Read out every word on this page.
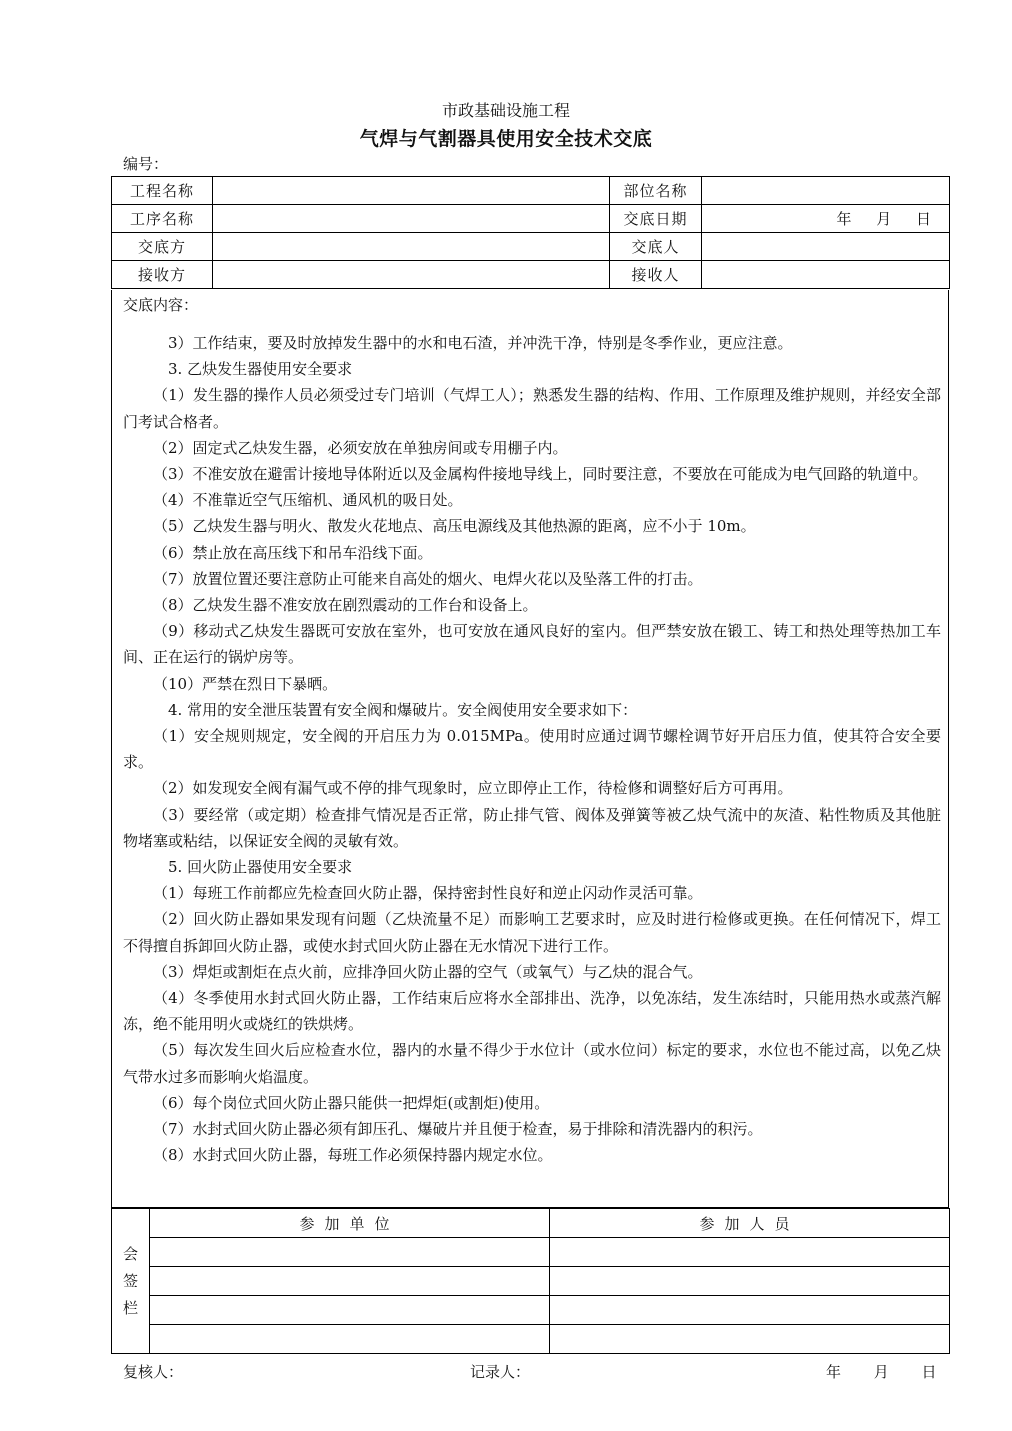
市政基础设施工程
气焊与气割器具使用安全技术交底
编号：
工程名称		部位名称	
工序名称		交底日期	年 月 日
交底方		交底人	
接收方		接收人	
交底内容：

3）工作结束，要及时放掉发生器中的水和电石渣，并冲洗干净，恃别是冬季作业，更应注意。

3. 乙炔发生器使用安全要求

（1）发生器的操作人员必须受过专门培训（气焊工人）；熟悉发生器的结构、作用、工作原理及维护规则，并经安全部门考试合格者。

（2）固定式乙炔发生器，必须安放在单独房间或专用棚子内。

（3）不准安放在避雷计接地导体附近以及金属构件接地导线上，同时要注意，不要放在可能成为电气回路的轨道中。

（4）不准靠近空气压缩机、通风机的吸日处。

（5）乙炔发生器与明火、散发火花地点、高压电源线及其他热源的距离，应不小于 10m。

（6）禁止放在高压线下和吊车沿线下面。

（7）放置位置还要注意防止可能来自高处的烟火、电焊火花以及坠落工件的打击。

（8）乙炔发生器不准安放在剧烈震动的工作台和设备上。

（9）移动式乙炔发生器既可安放在室外，也可安放在通风良好的室内。但严禁安放在锻工、铸工和热处理等热加工车间、正在运行的锅炉房等。

（10）严禁在烈日下暴晒。

4. 常用的安全泄压装置有安全阀和爆破片。安全阀使用安全要求如下：

（1）安全规则规定，安全阀的开启压力为 0.015MPa。使用时应通过调节螺栓调节好开启压力值，使其符合安全要求。

（2）如发现安全阀有漏气或不停的排气现象时，应立即停止工作，待检修和调整好后方可再用。

（3）要经常（或定期）检查排气情况是否正常，防止排气管、阀体及弹簧等被乙炔气流中的灰渣、粘性物质及其他脏物堵塞或粘结，以保证安全阀的灵敏有效。

5. 回火防止器使用安全要求

（1）每班工作前都应先检查回火防止器，保持密封性良好和逆止闪动作灵活可靠。

（2）回火防止器如果发现有问题（乙炔流量不足）而影响工艺要求时，应及时进行检修或更换。在任何情况下，焊工不得擅自拆卸回火防止器，或使水封式回火防止器在无水情况下进行工作。

（3）焊炬或割炬在点火前，应排净回火防止器的空气（或氧气）与乙炔的混合气。

（4）冬季使用水封式回火防止器，工作结束后应将水全部排出、洗净，以免冻结，发生冻结时，只能用热水或蒸汽解冻，绝不能用明火或烧红的铁烘烤。

（5）每次发生回火后应检查水位，器内的水量不得少于水位计（或水位问）标定的要求，水位也不能过高，以免乙炔气带水过多而影响火焰温度。

（6）每个岗位式回火防止器只能供一把焊炬(或割炬)使用。

（7）水封式回火防止器必须有卸压孔、爆破片并且便于检查，易于排除和清洗器内的积污。

（8）水封式回火防止器，每班工作必须保持器内规定水位。

会
签
栏	参加单位	参加人员

复核人：	记录人：	年 月 日
